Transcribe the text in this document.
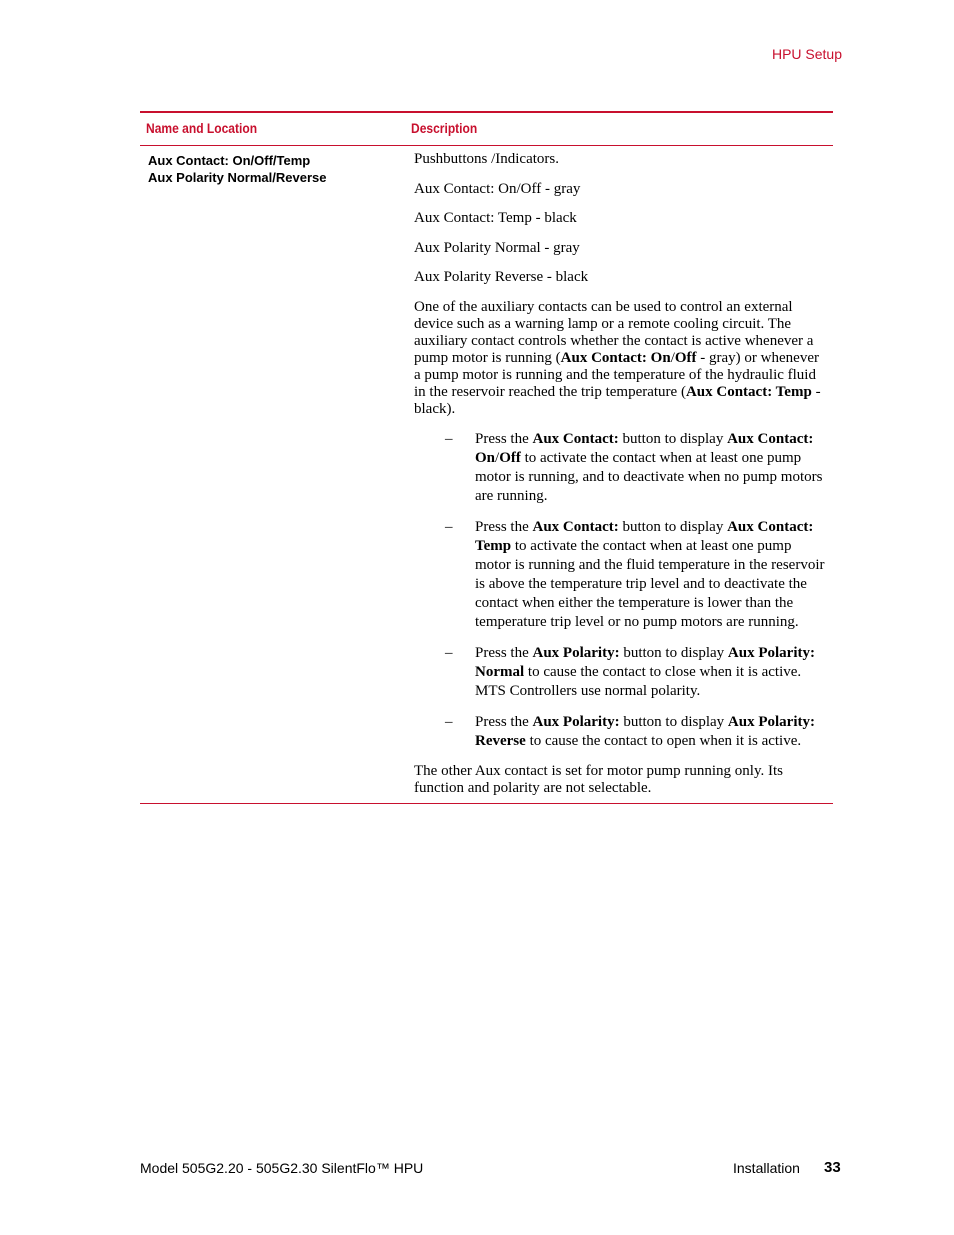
HPU Setup
Name and Location	Description
Aux Contact: On/Off/Temp
Aux Polarity Normal/Reverse

Pushbuttons /Indicators.

Aux Contact: On/Off - gray

Aux Contact: Temp - black

Aux Polarity Normal - gray

Aux Polarity Reverse - black

One of the auxiliary contacts can be used to control an external device such as a warning lamp or a remote cooling circuit. The auxiliary contact controls whether the contact is active whenever a pump motor is running (Aux Contact: On/Off - gray) or whenever a pump motor is running and the temperature of the hydraulic fluid in the reservoir reached the trip temperature (Aux Contact: Temp - black).

– Press the Aux Contact: button to display Aux Contact: On/Off to activate the contact when at least one pump motor is running, and to deactivate when no pump motors are running.
– Press the Aux Contact: button to display Aux Contact: Temp to activate the contact when at least one pump motor is running and the fluid temperature in the reservoir is above the temperature trip level and to deactivate the contact when either the temperature is lower than the temperature trip level or no pump motors are running.
– Press the Aux Polarity: button to display Aux Polarity: Normal to cause the contact to close when it is active. MTS Controllers use normal polarity.
– Press the Aux Polarity: button to display Aux Polarity: Reverse to cause the contact to open when it is active.

The other Aux contact is set for motor pump running only. Its function and polarity are not selectable.

Model 505G2.20 - 505G2.30 SilentFlo™ HPU	Installation 33
